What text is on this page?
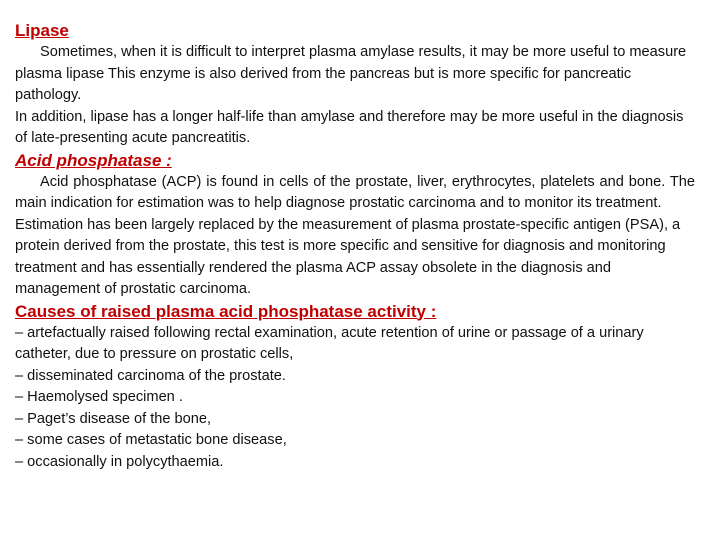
Lipase

Sometimes, when it is difficult to interpret plasma amylase results, it may be more useful to measure plasma lipase This enzyme is also derived from the pancreas but is more specific for pancreatic pathology.

In addition, lipase has a longer half-life than amylase and therefore may be more useful in the diagnosis of late-presenting acute pancreatitis.

Acid phosphatase :

Acid phosphatase (ACP) is found in cells of the prostate, liver, erythrocytes, platelets and bone. The main indication for estimation was to help diagnose prostatic carcinoma and to monitor its treatment.

Estimation has been largely replaced by the measurement of plasma prostate-specific antigen (PSA), a protein derived from the prostate, this test is more specific and sensitive for diagnosis and monitoring treatment and has essentially rendered the plasma ACP assay obsolete in the diagnosis and management of prostatic carcinoma.

Causes of raised plasma acid phosphatase activity :

– artefactually raised following rectal examination, acute retention of urine or passage of a urinary catheter, due to pressure on prostatic cells,

– disseminated carcinoma of the prostate.

– Haemolysed specimen .

– Paget’s disease of the bone,

– some cases of metastatic bone disease,

– occasionally in polycythaemia.
